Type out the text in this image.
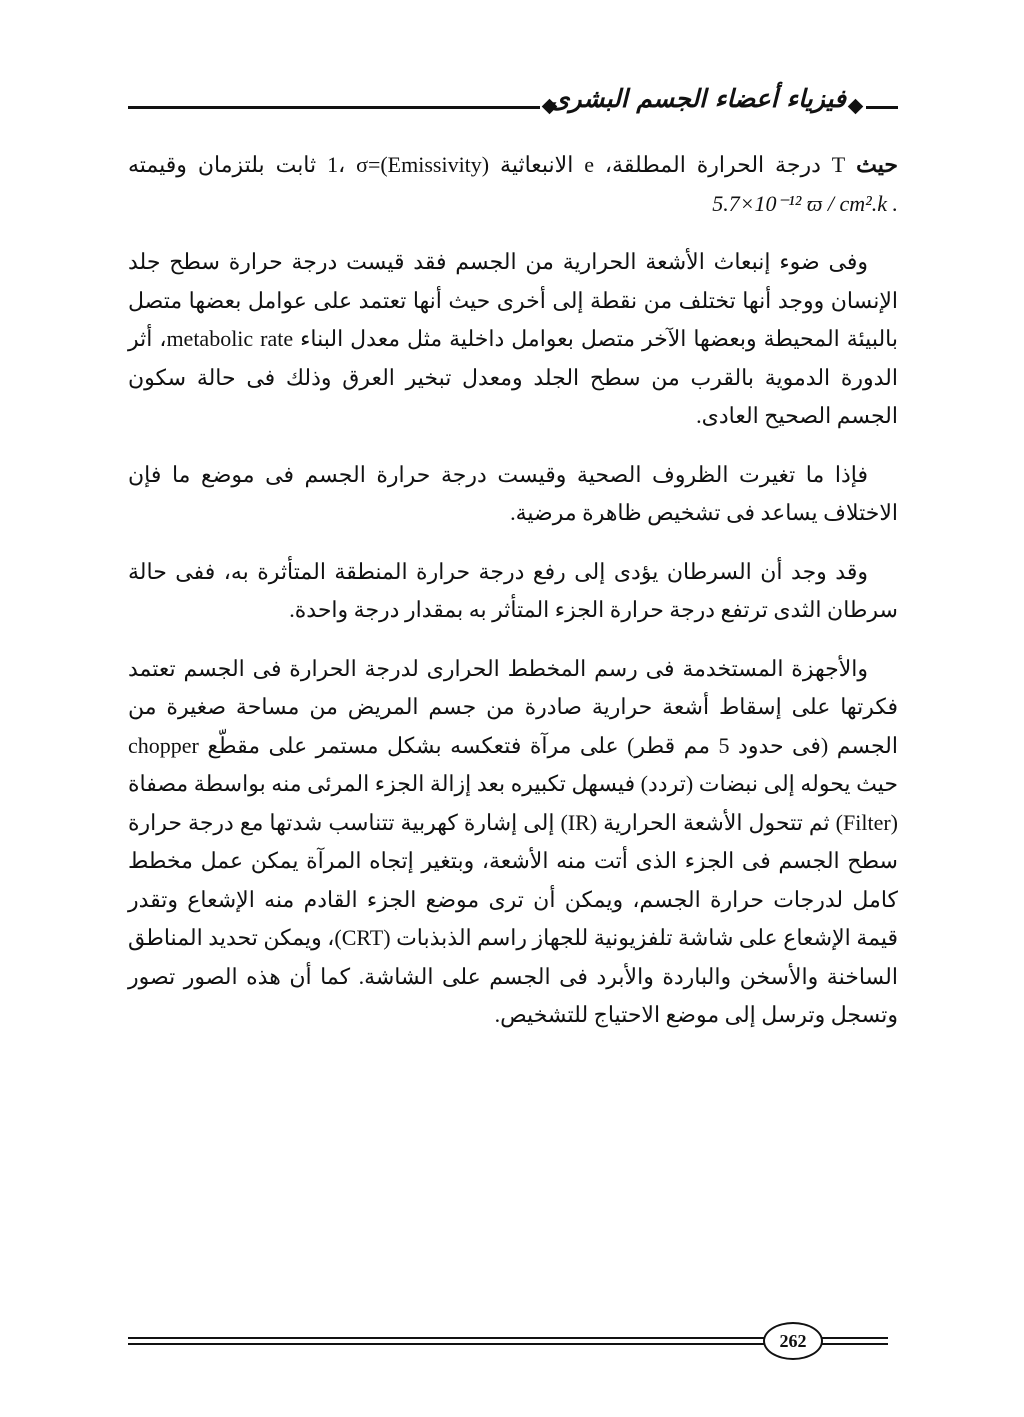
فيزياء أعضاء الجسم البشرى

حيث T درجة الحرارة المطلقة، e الانبعاثية (Emissivity)=1، σ ثابت بلتزمان وقيمته 5.7×10⁻¹² ϖ / cm².k .

وفى ضوء إنبعاث الأشعة الحرارية من الجسم فقد قيست درجة حرارة سطح جلد الإنسان ووجد أنها تختلف من نقطة إلى أخرى حيث أنها تعتمد على عوامل بعضها متصل بالبيئة المحيطة وبعضها الآخر متصل بعوامل داخلية مثل معدل البناء metabolic rate، أثر الدورة الدموية بالقرب من سطح الجلد ومعدل تبخير العرق وذلك فى حالة سكون الجسم الصحيح العادى.

فإذا ما تغيرت الظروف الصحية وقيست درجة حرارة الجسم فى موضع ما فإن الاختلاف يساعد فى تشخيص ظاهرة مرضية.

وقد وجد أن السرطان يؤدى إلى رفع درجة حرارة المنطقة المتأثرة به، ففى حالة سرطان الثدى ترتفع درجة حرارة الجزء المتأثر به بمقدار درجة واحدة.

والأجهزة المستخدمة فى رسم المخطط الحرارى لدرجة الحرارة فى الجسم تعتمد فكرتها على إسقاط أشعة حرارية صادرة من جسم المريض من مساحة صغيرة من الجسم (فى حدود 5 مم قطر) على مرآة فتعكسه بشكل مستمر على مقطّع chopper حيث يحوله إلى نبضات (تردد) فيسهل تكبيره بعد إزالة الجزء المرئى منه بواسطة مصفاة (Filter) ثم تتحول الأشعة الحرارية (IR) إلى إشارة كهربية تتناسب شدتها مع درجة حرارة سطح الجسم فى الجزء الذى أتت منه الأشعة، وبتغير إتجاه المرآة يمكن عمل مخطط كامل لدرجات حرارة الجسم، ويمكن أن ترى موضع الجزء القادم منه الإشعاع وتقدر قيمة الإشعاع على شاشة تلفزيونية للجهاز راسم الذبذبات (CRT)، ويمكن تحديد المناطق الساخنة والأسخن والباردة والأبرد فى الجسم على الشاشة. كما أن هذه الصور تصور وتسجل وترسل إلى موضع الاحتياج للتشخيص.

262
